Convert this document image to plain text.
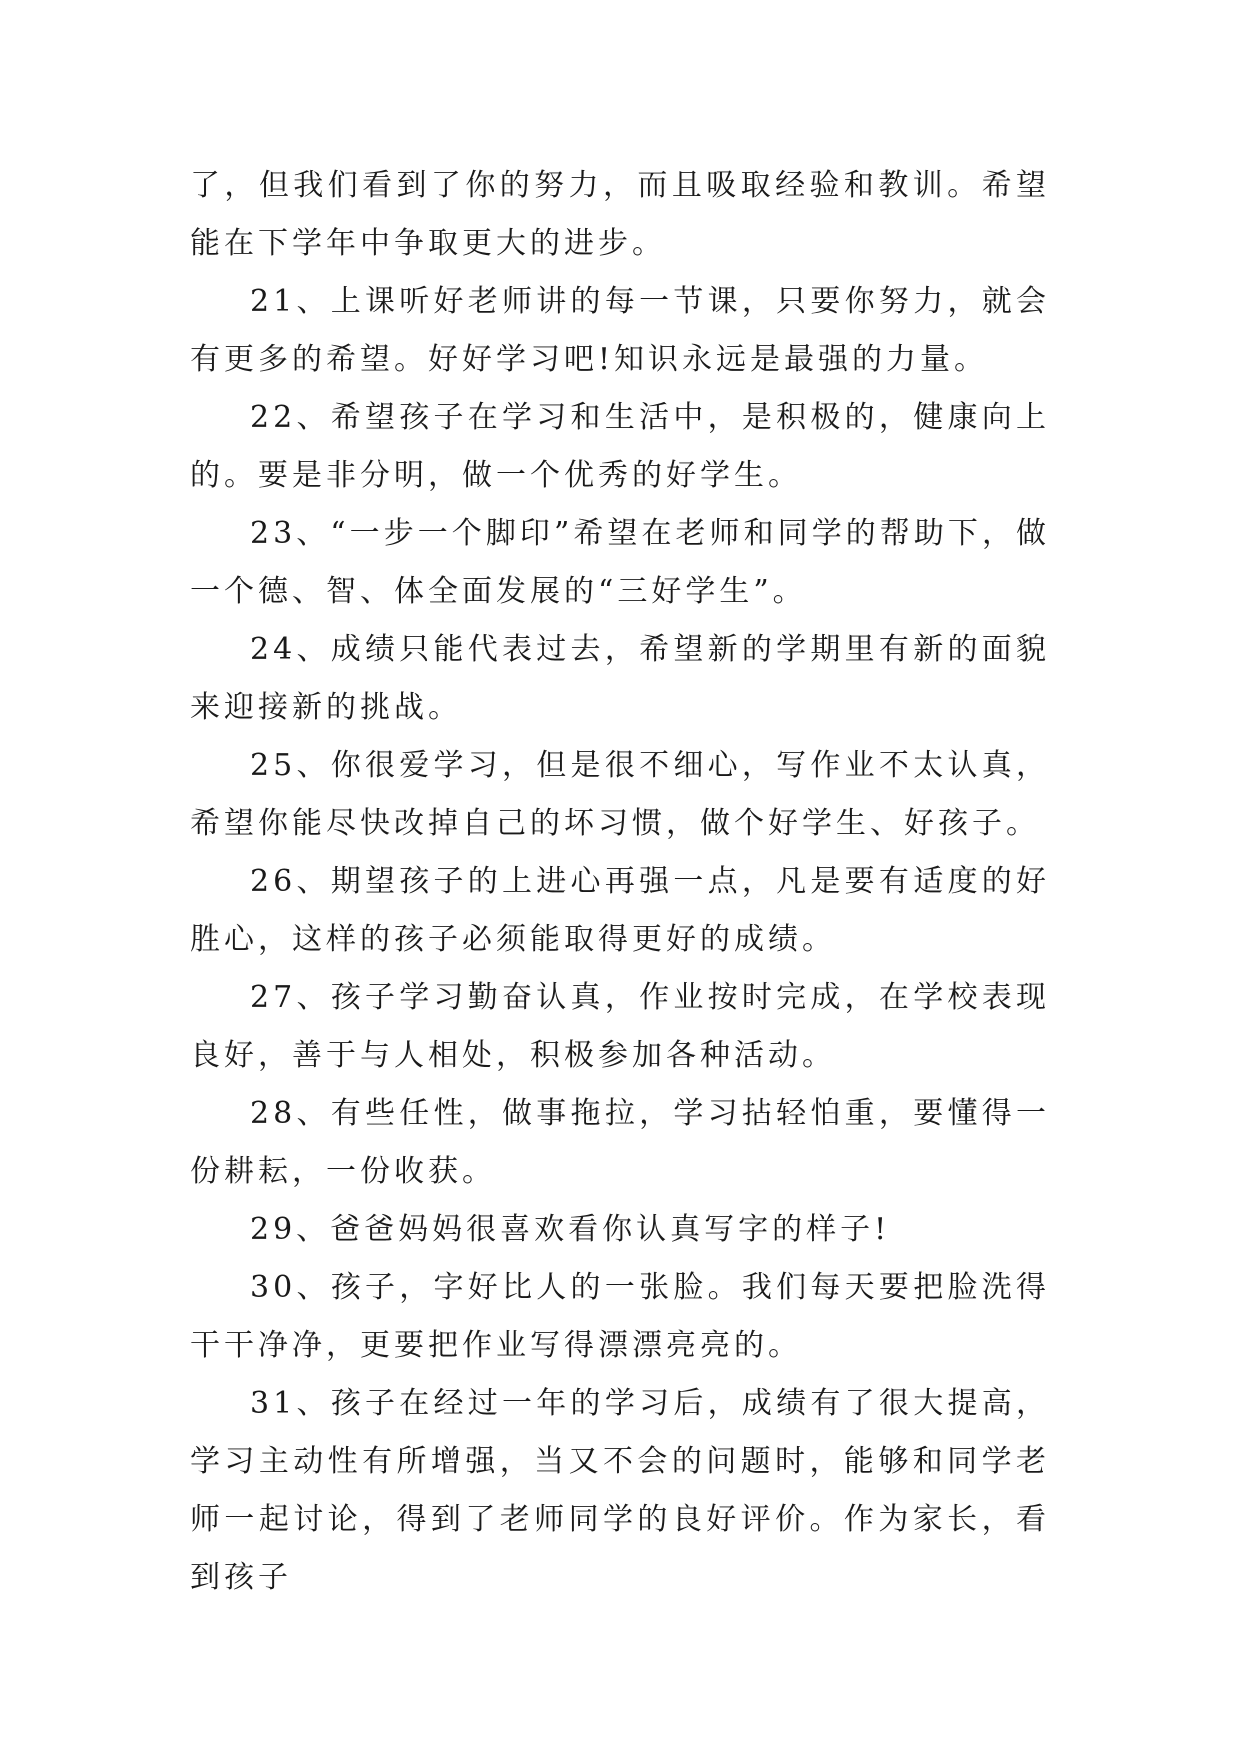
了，但我们看到了你的努力，而且吸取经验和教训。希望能在下学年中争取更大的进步。

21、上课听好老师讲的每一节课，只要你努力，就会有更多的希望。好好学习吧!知识永远是最强的力量。

22、希望孩子在学习和生活中，是积极的，健康向上的。要是非分明，做一个优秀的好学生。

23、“一步一个脚印”希望在老师和同学的帮助下，做一个德、智、体全面发展的“三好学生”。

24、成绩只能代表过去，希望新的学期里有新的面貌来迎接新的挑战。

25、你很爱学习，但是很不细心，写作业不太认真，希望你能尽快改掉自己的坏习惯，做个好学生、好孩子。

26、期望孩子的上进心再强一点，凡是要有适度的好胜心，这样的孩子必须能取得更好的成绩。

27、孩子学习勤奋认真，作业按时完成，在学校表现良好，善于与人相处，积极参加各种活动。

28、有些任性，做事拖拉，学习拈轻怕重，要懂得一份耕耘，一份收获。

29、爸爸妈妈很喜欢看你认真写字的样子!

30、孩子，字好比人的一张脸。我们每天要把脸洗得干干净净，更要把作业写得漂漂亮亮的。

31、孩子在经过一年的学习后，成绩有了很大提高，学习主动性有所增强，当又不会的问题时，能够和同学老师一起讨论，得到了老师同学的良好评价。作为家长，看到孩子
